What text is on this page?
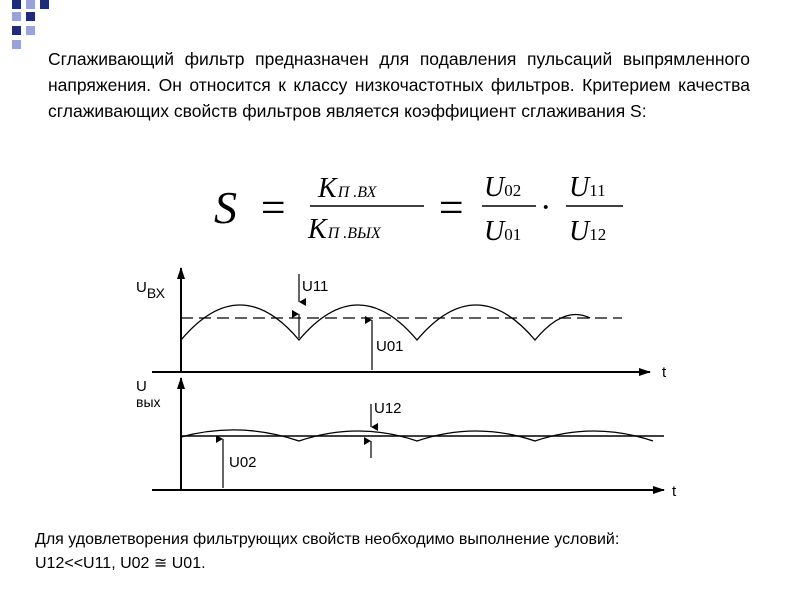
Сглаживающий фильтр предназначен для подавления пульсаций выпрямленного напряжения. Он относится к классу низкочастотных фильтров. Критерием качества сглаживающих свойств фильтров является коэффициент сглаживания S:

S = KП .ВХ
KП .ВЫХ
= U02
U01
·
U11
U12
UВХ
t
U11
U01
U вых
t
U12
U02

Для удовлетворения фильтрующих свойств необходимо выполнение условий:
U12<<U11, U02 ≅ U01.
